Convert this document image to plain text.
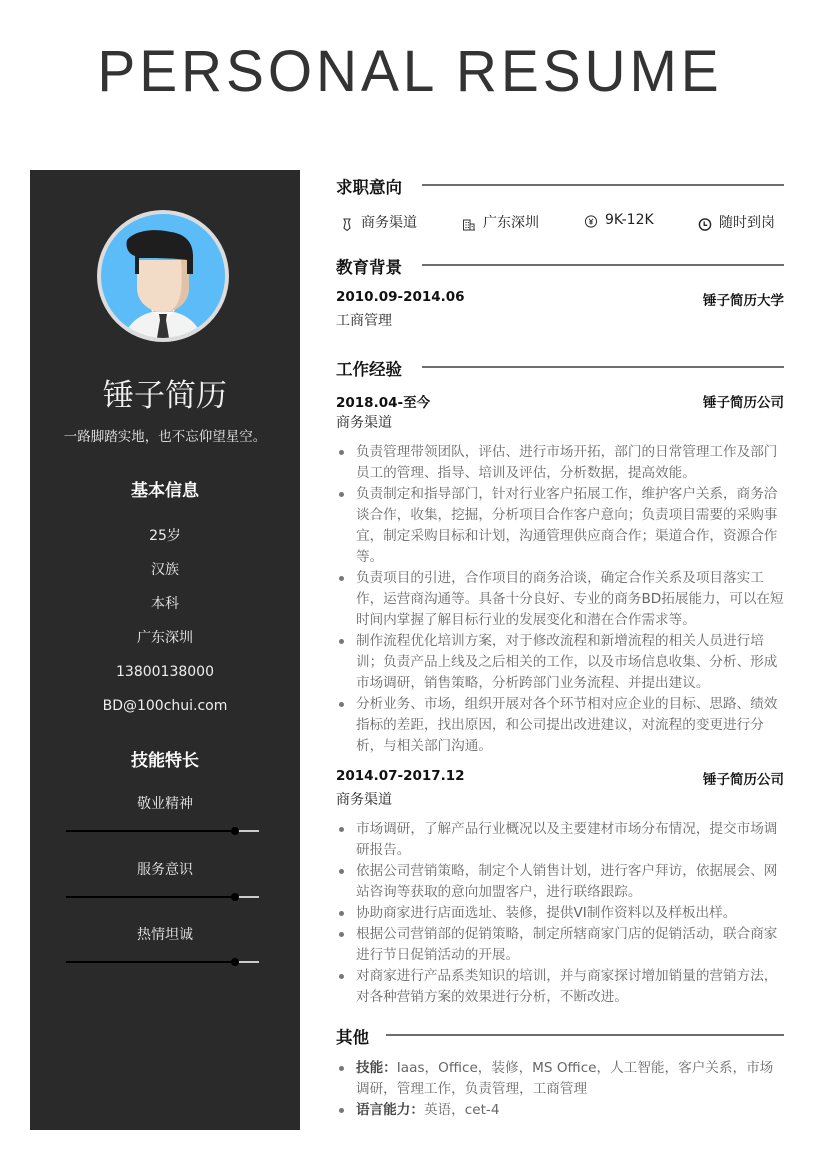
PERSONAL RESUME
锤子简历
一路脚踏实地，也不忘仰望星空。
基本信息
25岁
汉族
本科
广东深圳
13800138000
BD@100chui.com
技能特长
敬业精神
服务意识
热情坦诚
求职意向
商务渠道	广东深圳	9K-12K	随时到岗
教育背景
2010.09-2014.06	锤子简历大学
工商管理
工作经验
2018.04-至今	锤子简历公司
商务渠道
负责管理带领团队，评估、进行市场开拓，部门的日常管理工作及部门员工的管理、指导、培训及评估，分析数据，提高效能。
负责制定和指导部门，针对行业客户拓展工作，维护客户关系，商务洽谈合作，收集，挖掘，分析项目合作客户意向；负责项目需要的采购事宜，制定采购目标和计划，沟通管理供应商合作；渠道合作，资源合作等。
负责项目的引进，合作项目的商务洽谈，确定合作关系及项目落实工作，运营商沟通等。具备十分良好、专业的商务BD拓展能力，可以在短时间内掌握了解目标行业的发展变化和潜在合作需求等。
制作流程优化培训方案，对于修改流程和新增流程的相关人员进行培训；负责产品上线及之后相关的工作，以及市场信息收集、分析、形成市场调研，销售策略，分析跨部门业务流程、并提出建议。
分析业务、市场，组织开展对各个环节相对应企业的目标、思路、绩效指标的差距，找出原因，和公司提出改进建议，对流程的变更进行分析，与相关部门沟通。
2014.07-2017.12	锤子简历公司
商务渠道
市场调研，了解产品行业概况以及主要建材市场分布情况，提交市场调研报告。
依据公司营销策略，制定个人销售计划，进行客户拜访，依据展会、网站咨询等获取的意向加盟客户，进行联络跟踪。
协助商家进行店面选址、装修，提供VI制作资料以及样板出样。
根据公司营销部的促销策略，制定所辖商家门店的促销活动，联合商家进行节日促销活动的开展。
对商家进行产品系类知识的培训，并与商家探讨增加销量的营销方法，对各种营销方案的效果进行分析，不断改进。
其他
技能：Iaas，Office，装修，MS Office，人工智能，客户关系，市场调研，管理工作，负责管理，工商管理
语言能力：英语，cet-4
